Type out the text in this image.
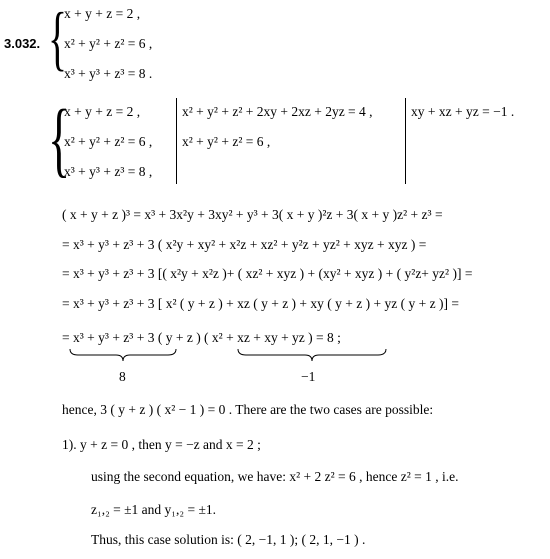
3.032. {
x + y + z = 2 ,
x² + y² + z² = 6 ,
x³ + y³ + z³ = 8 .
{
x + y + z = 2 ,
x² + y² + z² = 6 ,
x³ + y³ + z³ = 8 ,
x² + y² + z² + 2xy + 2xz + 2yz = 4 ,
x² + y² + z² = 6 ,
xy + xz + yz = −1 .
( x + y + z )³ = x³ + 3x²y + 3xy² + y³ + 3( x + y )²z + 3( x + y )z² + z³ =
= x³ + y³ + z³ + 3 ( x²y + xy² + x²z + xz² + y²z + yz² + xyz + xyz ) =
= x³ + y³ + z³ + 3 [( x²y + x²z )+ ( xz² + xyz ) + (xy² + xyz ) + ( y²z+ yz² )] =
= x³ + y³ + z³ + 3 [ x² ( y + z ) + xz ( y + z ) + xy ( y + z ) + yz ( y + z )] =
= x³ + y³ + z³ + 3 ( y + z ) ( x² + xz + xy + yz ) = 8 ;
8	−1
hence, 3 ( y + z ) ( x² − 1 ) = 0 . There are the two cases are possible:
1). y + z = 0 , then y = −z and x = 2 ;
using the second equation, we have: x² + 2 z² = 6 , hence z² = 1 , i.e.
z₁,₂ = ±1 and y₁,₂ = ±1.
Thus, this case solution is: ( 2, −1, 1 ); ( 2, 1, −1 ) .
